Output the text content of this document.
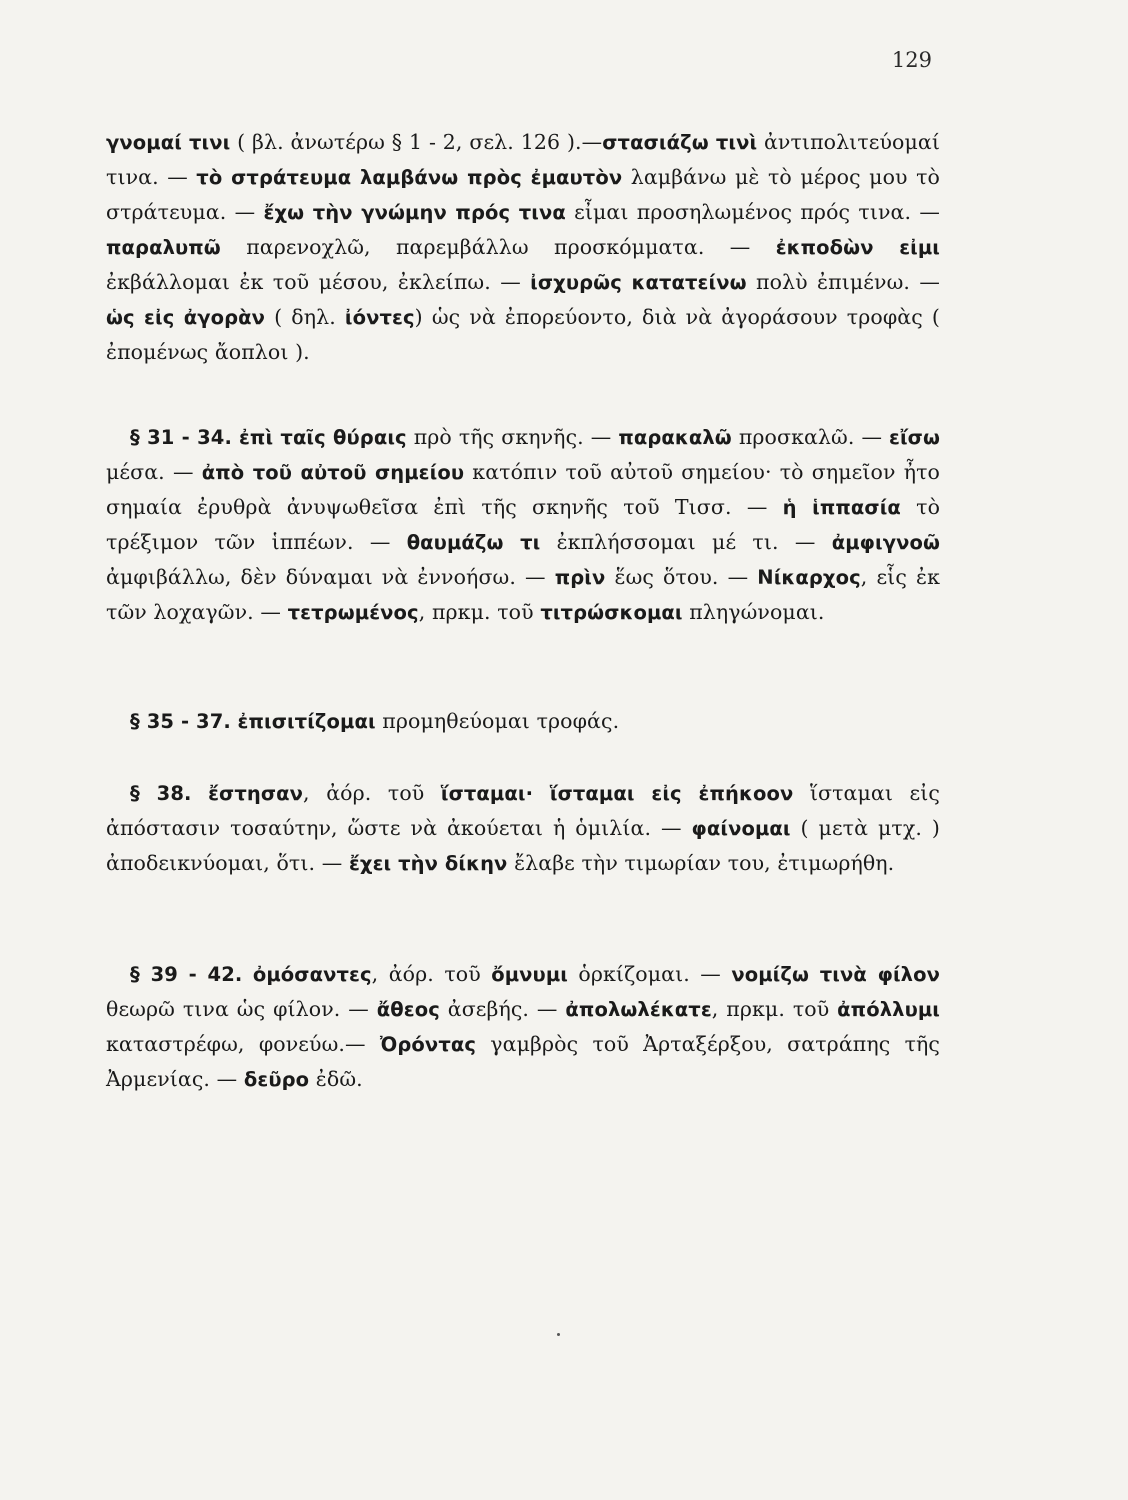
129
γνομαί τινι ( βλ. ἀνωτέρω § 1 - 2, σελ. 126 ).—στασιάζω τινὶ ἀντιπολιτεύομαί τινα. — τὸ στράτευμα λαμβάνω πρὸς ἐμαυτὸν λαμβάνω μὲ τὸ μέρος μου τὸ στράτευμα. — ἔχω τὴν γνώμην πρός τινα εἶμαι προσηλωμένος πρός τινα. — παραλυπῶ παρενοχλῶ, παρεμβάλλω προσκόμματα. — ἐκποδὼν εἰμι ἐκβάλλομαι ἐκ τοῦ μέσου, ἐκλείπω. — ἰσχυρῶς κατατείνω πολὺ ἐπιμένω. — ὡς εἰς ἀγορὰν ( δηλ. ἰόντες) ὡς νὰ ἐπορεύοντο, διὰ νὰ ἀγοράσουν τροφὰς ( ἐπομένως ἄοπλοι ).
§ 31 - 34. ἐπὶ ταῖς θύραις πρὸ τῆς σκηνῆς. — παρακαλῶ προσκαλῶ. — εἴσω μέσα. — ἀπὸ τοῦ αὐτοῦ σημείου κατόπιν τοῦ αὐτοῦ σημείου· τὸ σημεῖον ἦτο σημαία ἐρυθρὰ ἀνυψωθεῖσα ἐπὶ τῆς σκηνῆς τοῦ Τισσ. — ἡ ἱππασία τὸ τρέξιμον τῶν ἱππέων. — θαυμάζω τι ἐκπλήσσομαι μέ τι. — ἀμφιγνοῶ ἀμφιβάλλω, δὲν δύναμαι νὰ ἐννοήσω. — πρὶν ἕως ὅτου. — Νίκαρχος, εἷς ἐκ τῶν λοχαγῶν. — τετρωμένος, πρκμ. τοῦ τιτρώσκομαι πληγώνομαι.
§ 35 - 37. ἐπισιτίζομαι προμηθεύομαι τροφάς.
§ 38. ἔστησαν, ἀόρ. τοῦ ἵσταμαι· ἵσταμαι εἰς ἐπήκοον ἵσταμαι εἰς ἀπόστασιν τοσαύτην, ὥστε νὰ ἀκούεται ἡ ὁμιλία. — φαίνομαι ( μετὰ μτχ. ) ἀποδεικνύομαι, ὅτι. — ἔχει τὴν δίκην ἔλαβε τὴν τιμωρίαν του, ἐτιμωρήθη.
§ 39 - 42. ὀμόσαντες, ἀόρ. τοῦ ὄμνυμι ὁρκίζομαι. — νομίζω τινὰ φίλον θεωρῶ τινα ὡς φίλον. — ἄθεος ἀσεβής. — ἀπολωλέκατε, πρκμ. τοῦ ἀπόλλυμι καταστρέφω, φονεύω.— Ὀρόντας γαμβρὸς τοῦ Ἀρταξέρξου, σατράπης τῆς Ἀρμενίας. — δεῦρο ἐδῶ.
